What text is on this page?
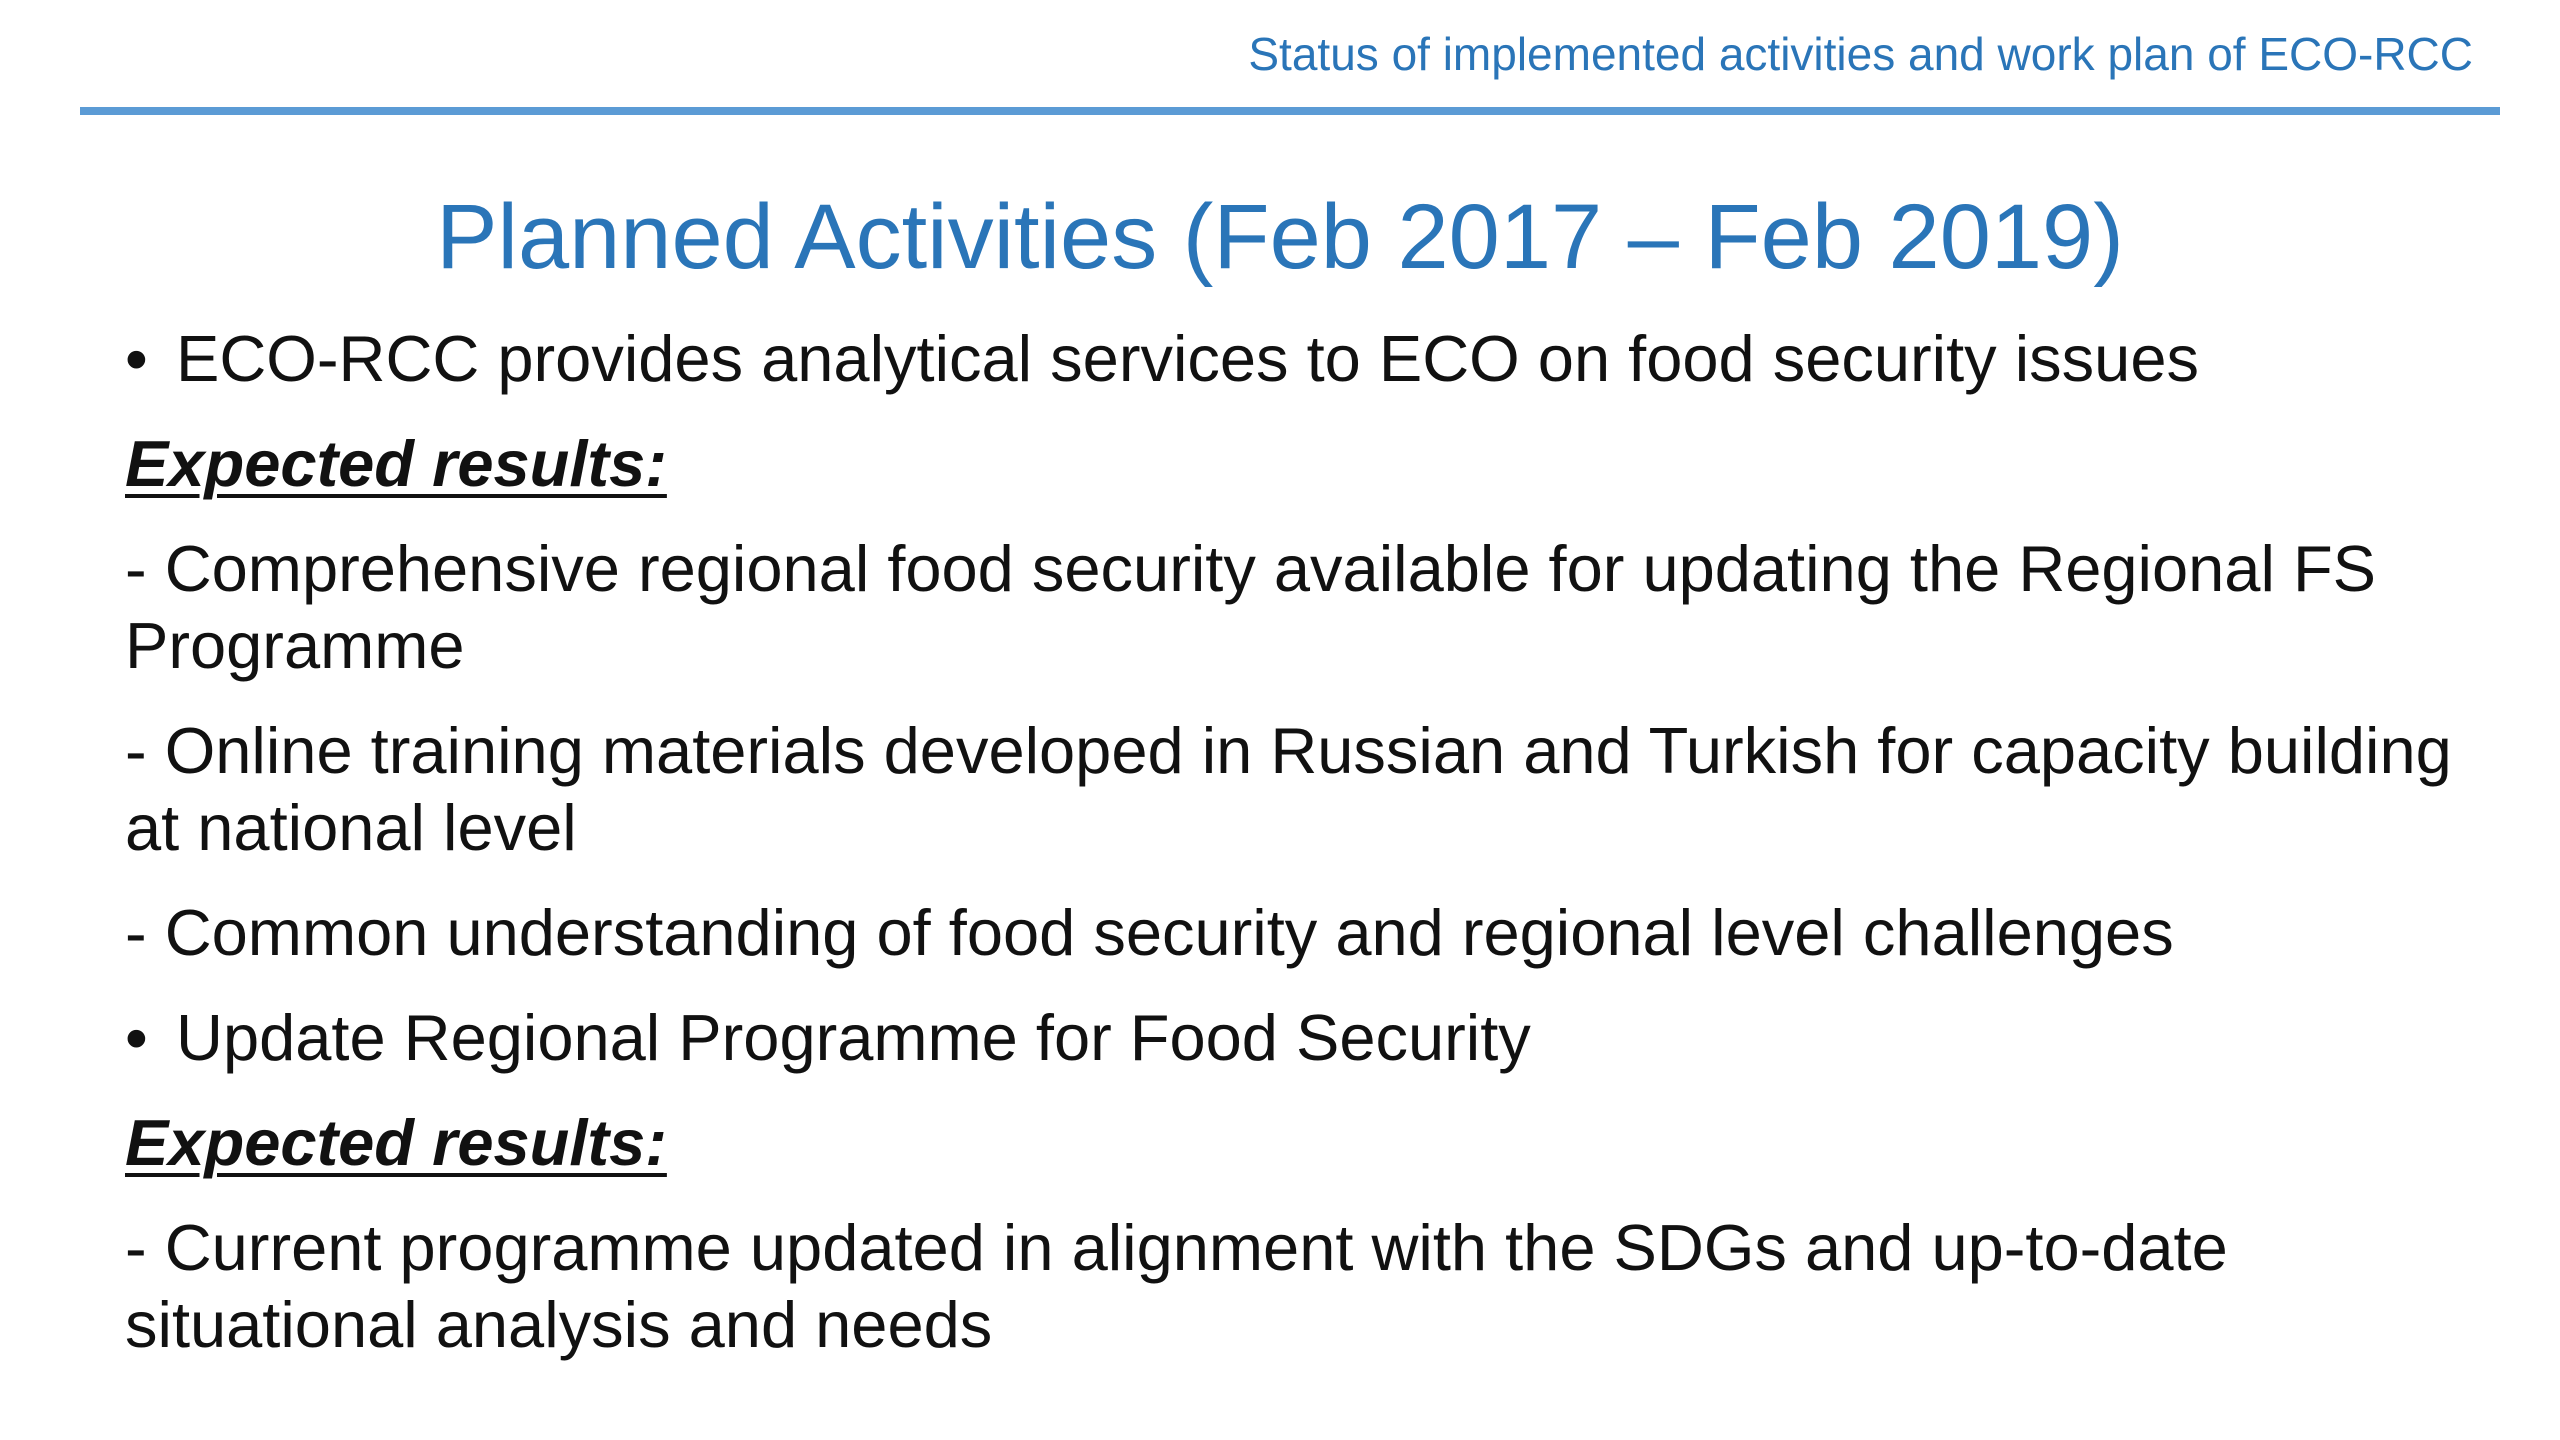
Status of implemented activities and work plan of ECO-RCC
Planned Activities (Feb 2017 – Feb 2019)
• ECO-RCC provides analytical services to ECO on food security issues
Expected results:
- Comprehensive regional food security available for updating the Regional FS Programme
- Online training materials developed in Russian and Turkish for capacity building at national level
- Common understanding of food security and regional level challenges
• Update Regional Programme for Food Security
Expected results:
- Current programme updated in alignment with the SDGs and up-to-date situational analysis and needs
